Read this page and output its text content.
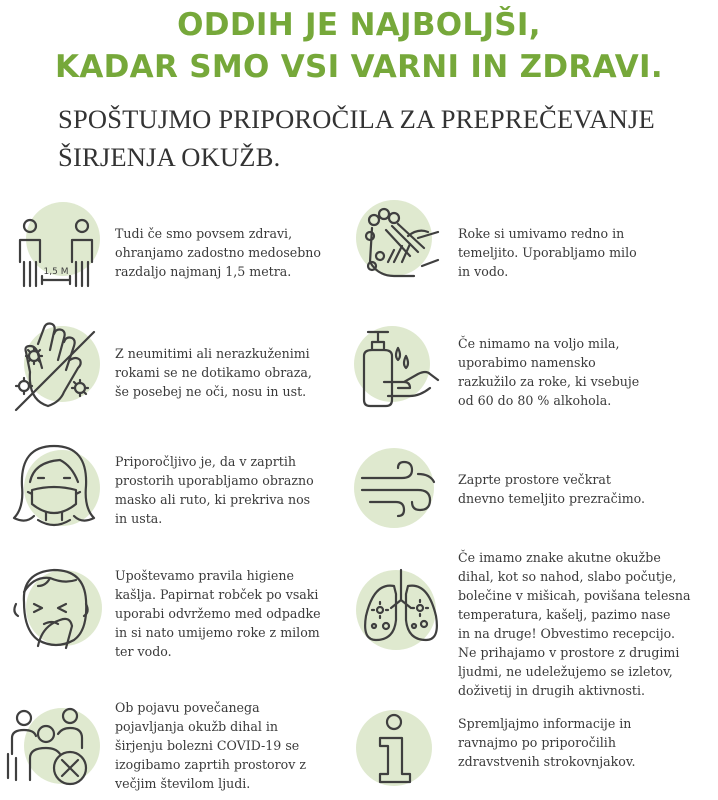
ODDIH JE NAJBOLJŠI,
KADAR SMO VSI VARNI IN ZDRAVI.
SPOŠTUJMO PRIPOROČILA ZA PREPREČEVANJE
ŠIRJENJA OKUŽB.
1,5 M
Tudi če smo povsem zdravi,
ohranjamo zadostno medosebno
razdaljo najmanj 1,5 metra.
Roke si umivamo redno in
temeljito. Uporabljamo milo
in vodo.
Z neumitimi ali nerazkuženimi
rokami se ne dotikamo obraza,
še posebej ne oči, nosu in ust.
Če nimamo na voljo mila,
uporabimo namensko
razkužilo za roke, ki vsebuje
od 60 do 80 % alkohola.
Priporočljivo je, da v zaprtih
prostorih uporabljamo obrazno
masko ali ruto, ki prekriva nos
in usta.
Zaprte prostore večkrat
dnevno temeljito prezračimo.
Upoštevamo pravila higiene
kašlja. Papirnat robček po vsaki
uporabi odvržemo med odpadke
in si nato umijemo roke z milom
ter vodo.
Če imamo znake akutne okužbe
dihal, kot so nahod, slabo počutje,
bolečine v mišicah, povišana telesna
temperatura, kašelj, pazimo nase
in na druge! Obvestimo recepcijo.
Ne prihajamo v prostore z drugimi
ljudmi, ne udeležujemo se izletov,
doživetij in drugih aktivnosti.
Ob pojavu povečanega
pojavljanja okužb dihal in
širjenju bolezni COVID-19 se
izogibamo zaprtih prostorov z
večjim številom ljudi.
Spremljajmo informacije in
ravnajmo po priporočilih
zdravstvenih strokovnjakov.
